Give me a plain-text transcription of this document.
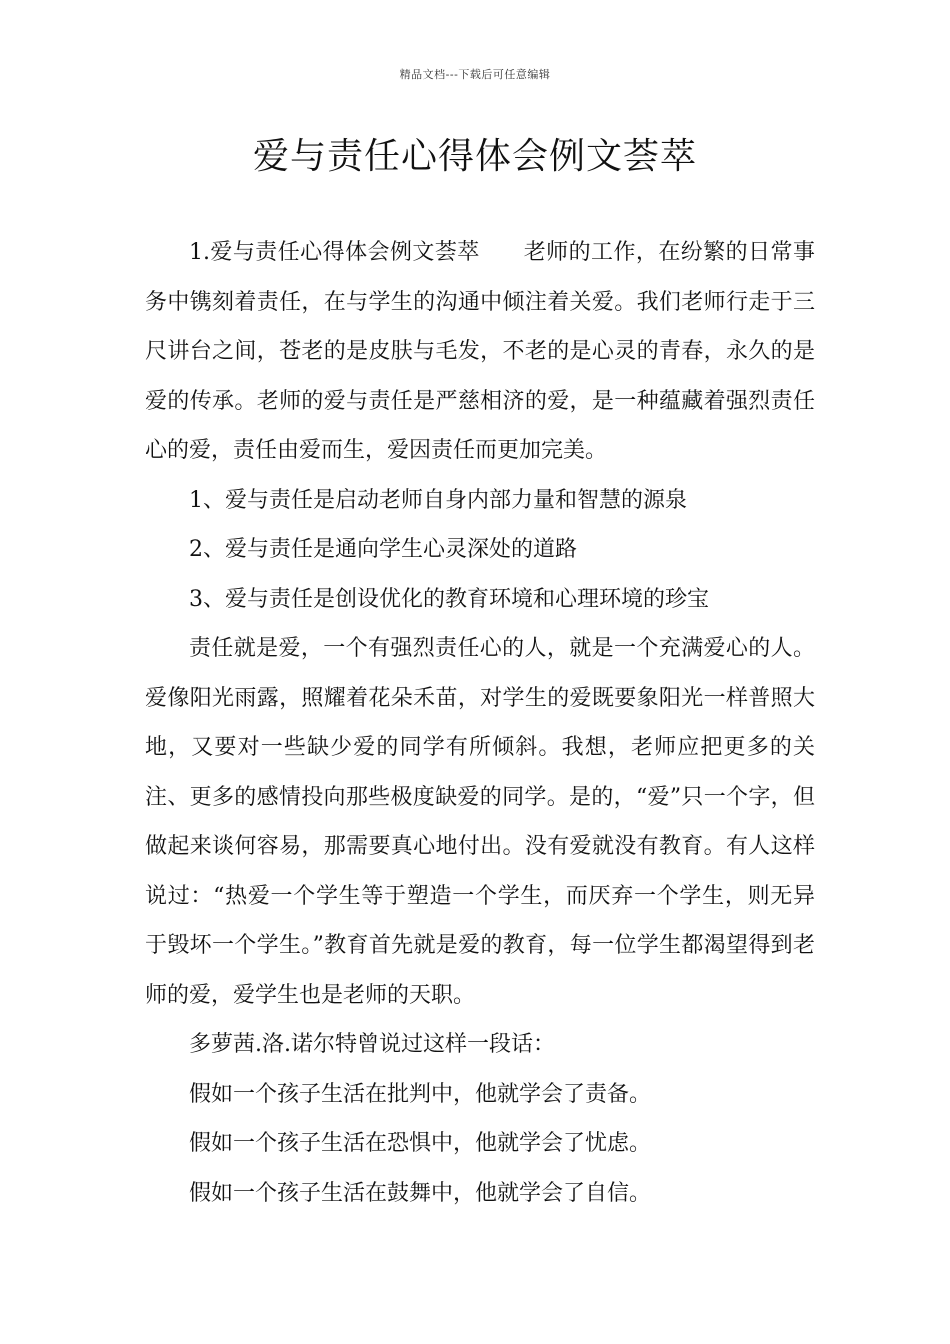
精品文档---下载后可任意编辑
爱与责任心得体会例文荟萃

1.爱与责任心得体会例文荟萃 老师的工作，在纷繁的日常事务中镌刻着责任，在与学生的沟通中倾注着关爱。我们老师行走于三尺讲台之间，苍老的是皮肤与毛发，不老的是心灵的青春，永久的是爱的传承。老师的爱与责任是严慈相济的爱，是一种蕴藏着强烈责任心的爱，责任由爱而生，爱因责任而更加完美。

1、爱与责任是启动老师自身内部力量和智慧的源泉

2、爱与责任是通向学生心灵深处的道路

3、爱与责任是创设优化的教育环境和心理环境的珍宝

责任就是爱，一个有强烈责任心的人，就是一个充满爱心的人。爱像阳光雨露，照耀着花朵禾苗，对学生的爱既要象阳光一样普照大地，又要对一些缺少爱的同学有所倾斜。我想，老师应把更多的关注、更多的感情投向那些极度缺爱的同学。是的，“爱”只一个字，但做起来谈何容易，那需要真心地付出。没有爱就没有教育。有人这样说过：“热爱一个学生等于塑造一个学生，而厌弃一个学生，则无异于毁坏一个学生。”教育首先就是爱的教育，每一位学生都渴望得到老师的爱，爱学生也是老师的天职。

多萝茜.洛.诺尔特曾说过这样一段话：

假如一个孩子生活在批判中，他就学会了责备。

假如一个孩子生活在恐惧中，他就学会了忧虑。

假如一个孩子生活在鼓舞中，他就学会了自信。
